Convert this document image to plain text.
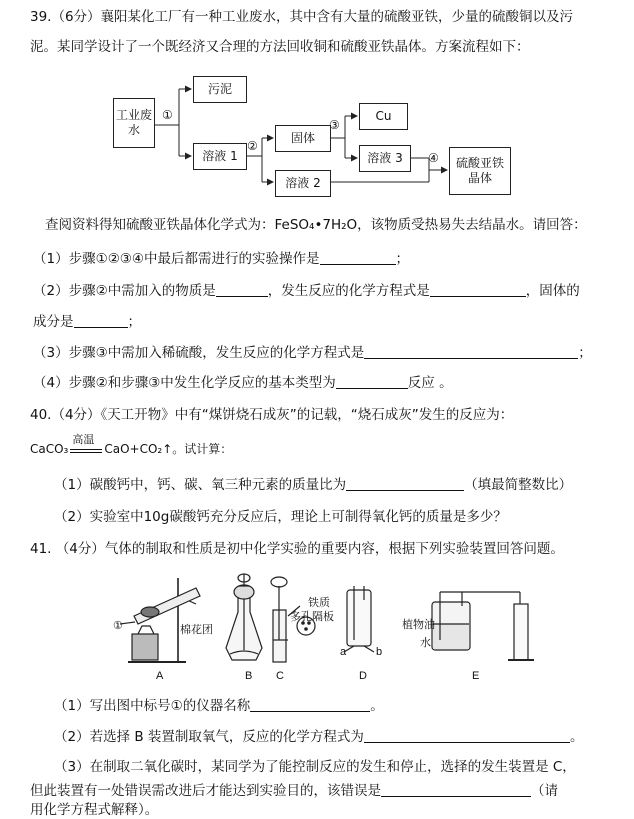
39.（6分）襄阳某化工厂有一种工业废水，其中含有大量的硫酸亚铁，少量的硫酸铜以及污
泥。某同学设计了一个既经济又合理的方法回收铜和硫酸亚铁晶体。方案流程如下：
工业废水
①
污泥
溶液 1
②
固体
③
Cu
溶液 3	④
溶液 2
硫酸亚铁晶体
查阅资料得知硫酸亚铁晶体化学式为：FeSO₄•7H₂O，该物质受热易失去结晶水。请回答：
（1）步骤①②③④中最后都需进行的实验操作是	；
（2）步骤②中需加入的物质是	，发生反应的化学方程式是	，固体的
成分是	；
（3）步骤③中需加入稀硫酸，发生反应的化学方程式是	；
（4）步骤②和步骤③中发生化学反应的基本类型为	反应 。
40.（4分）《天工开物》中有“煤饼烧石成灰”的记载，“烧石成灰”发生的反应为：
CaCO₃
高温
CaO+CO₂↑。试计算：
（1）碳酸钙中，钙、碳、氧三种元素的质量比为	（填最简整数比）
（2）实验室中10g碳酸钙充分反应后，理论上可制得氧化钙的质量是多少？
41. （4分）气体的制取和性质是初中化学实验的重要内容，根据下列实验装置回答问题。
①	棉花团
铁质
多孔隔板
植物油
水
a	b
A	B C	D	E
（1）写出图中标号①的仪器名称	。
（2）若选择 B 装置制取氧气，反应的化学方程式为	。
（3）在制取二氧化碳时，某同学为了能控制反应的发生和停止，选择的发生装置是 C，
但此装置有一处错误需改进后才能达到实验目的，该错误是	（请
用化学方程式解释）。
